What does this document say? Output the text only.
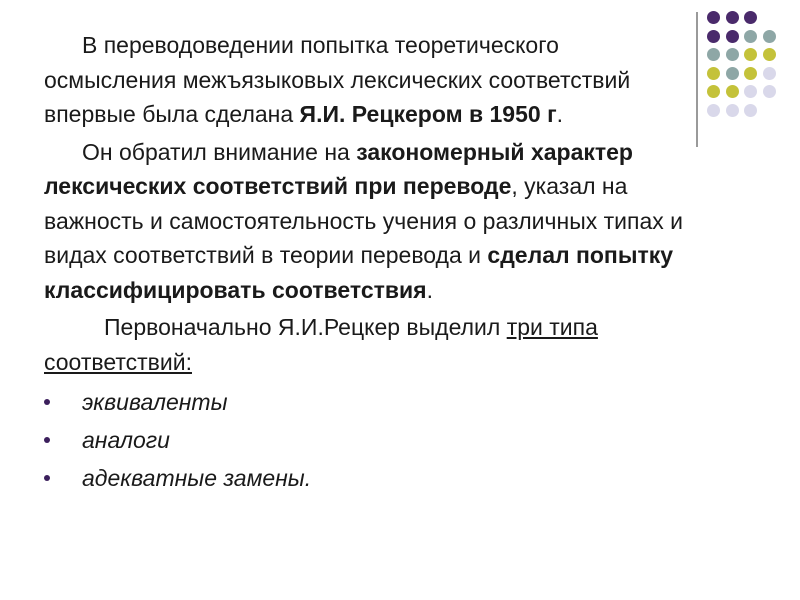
В переводоведении попытка теоретического осмысления межъязыковых лексических соответствий впервые была сделана Я.И. Рецкером в 1950 г.

Он обратил внимание на закономерный характер лексических соответствий при переводе, указал на важность и самостоятельность учения о различных типах и видах соответствий в теории перевода и сделал попытку классифицировать соответствия.

Первоначально Я.И.Рецкер выделил три типа соответствий:

эквиваленты
аналоги
адекватные замены.
